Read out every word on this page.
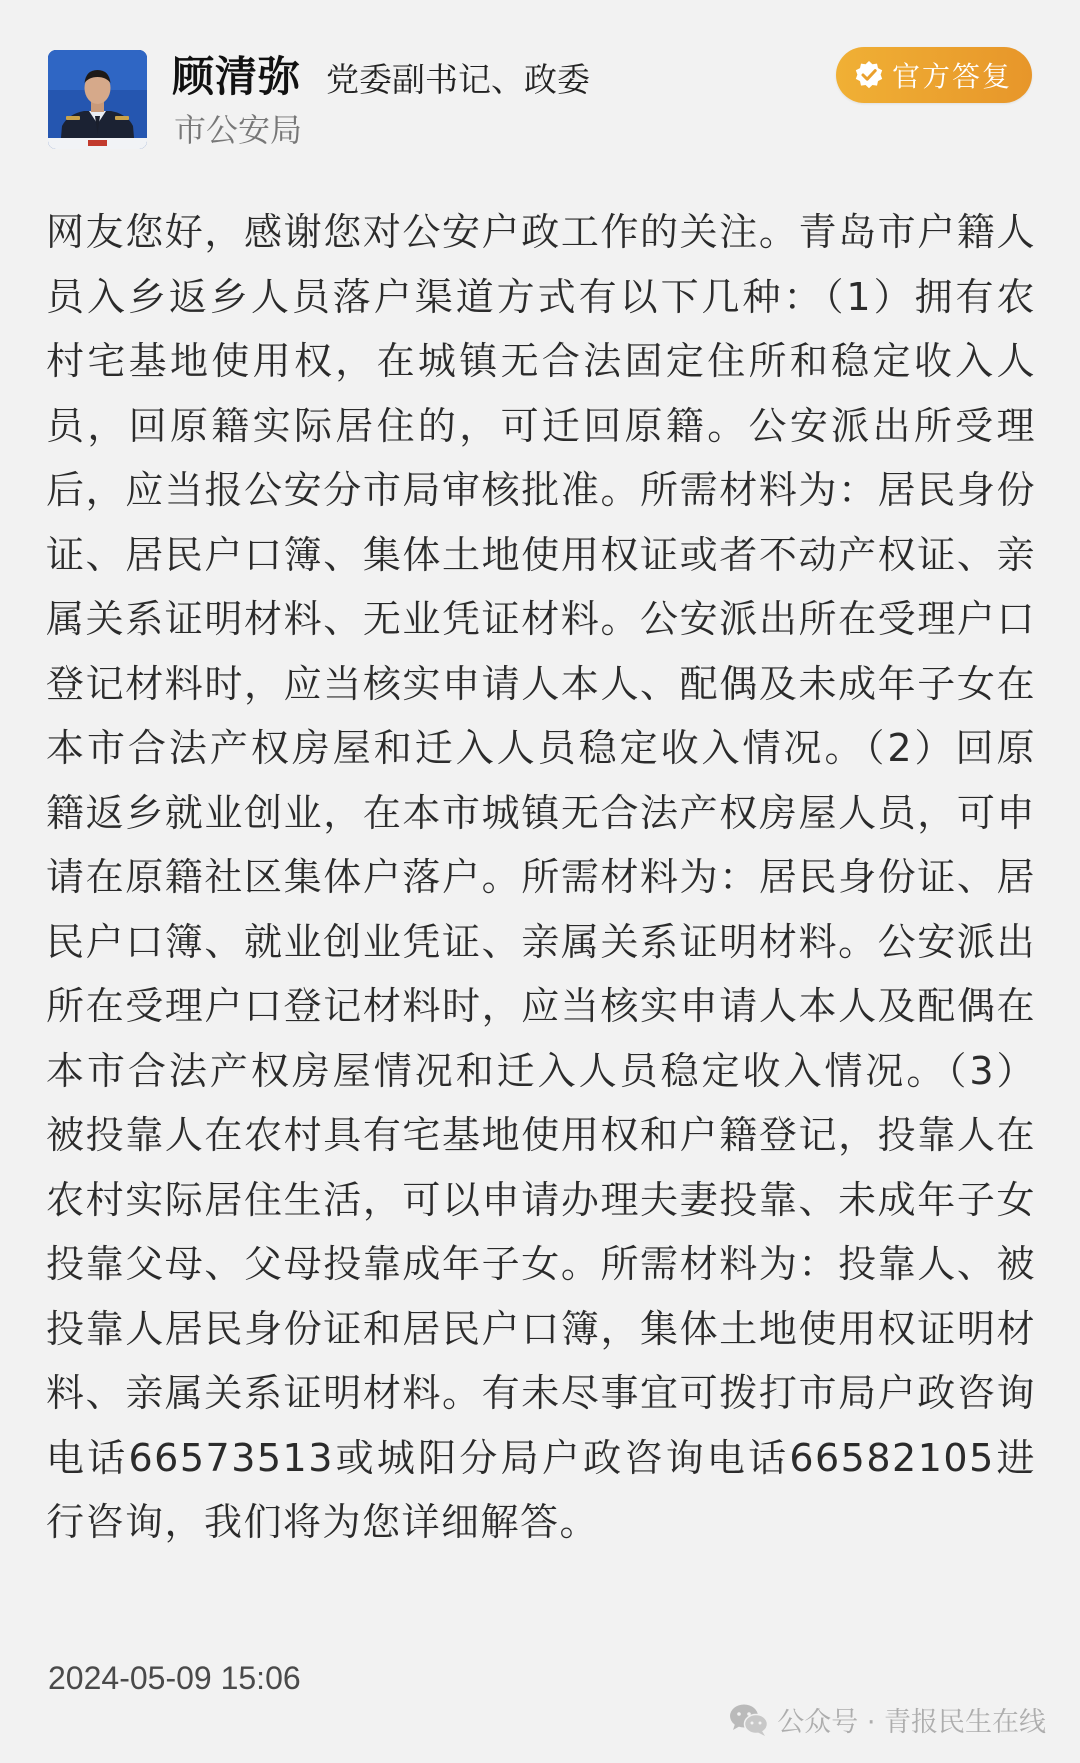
顾清弥 党委副书记、政委
市公安局
官方答复

网友您好，感谢您对公安户政工作的关注。青岛市户籍人员入乡返乡人员落户渠道方式有以下几种：（1）拥有农村宅基地使用权，在城镇无合法固定住所和稳定收入人员，回原籍实际居住的，可迁回原籍。公安派出所受理后，应当报公安分市局审核批准。所需材料为：居民身份证、居民户口簿、集体土地使用权证或者不动产权证、亲属关系证明材料、无业凭证材料。公安派出所在受理户口登记材料时，应当核实申请人本人、配偶及未成年子女在本市合法产权房屋和迁入人员稳定收入情况。（2）回原籍返乡就业创业，在本市城镇无合法产权房屋人员，可申请在原籍社区集体户落户。所需材料为：居民身份证、居民户口簿、就业创业凭证、亲属关系证明材料。公安派出所在受理户口登记材料时，应当核实申请人本人及配偶在本市合法产权房屋情况和迁入人员稳定收入情况。（3）被投靠人在农村具有宅基地使用权和户籍登记，投靠人在农村实际居住生活，可以申请办理夫妻投靠、未成年子女投靠父母、父母投靠成年子女。所需材料为：投靠人、被投靠人居民身份证和居民户口簿，集体土地使用权证明材料、亲属关系证明材料。有未尽事宜可拨打市局户政咨询电话66573513或城阳分局户政咨询电话66582105进行咨询，我们将为您详细解答。

2024-05-09 15:06
公众号 · 青报民生在线
